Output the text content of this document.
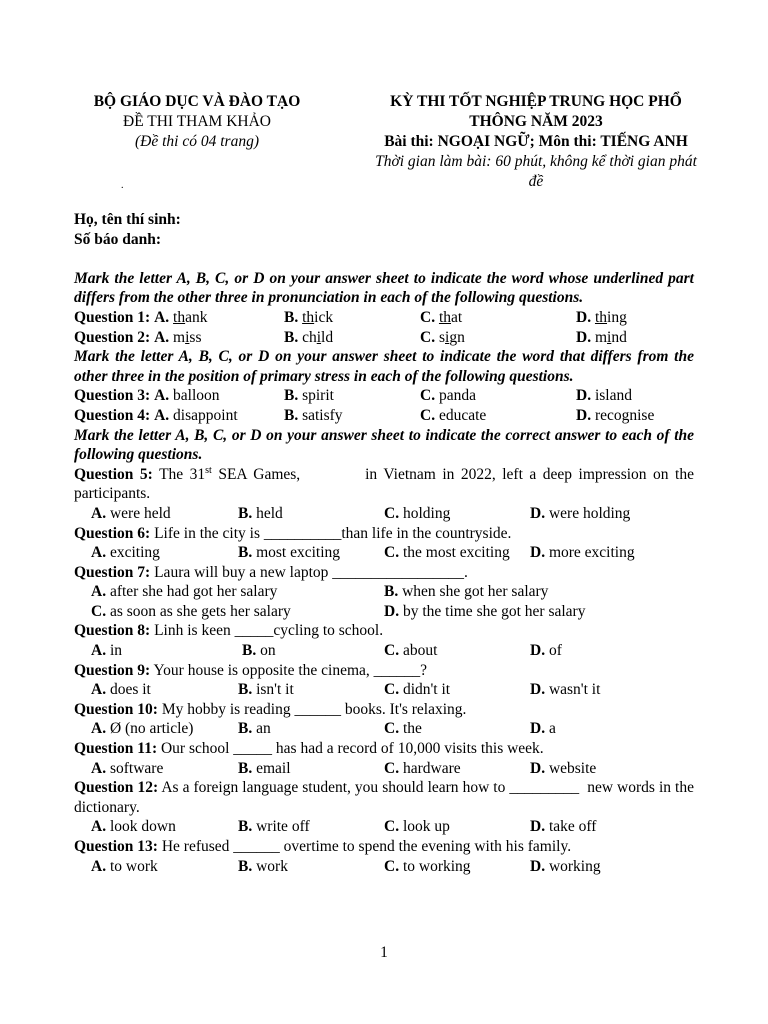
BỘ GIÁO DỤC VÀ ĐÀO TẠO
ĐỀ THI THAM KHẢO
(Đề thi có 04 trang)
KỲ THI TỐT NGHIỆP TRUNG HỌC PHỔ
THÔNG NĂM 2023
Bài thi: NGOẠI NGỮ; Môn thi: TIẾNG ANH
Thời gian làm bài: 60 phút, không kể thời gian phát
đề
.
Họ, tên thí sinh:
Số báo danh:
Mark the letter A, B, C, or D on your answer sheet to indicate the word whose underlined part differs from the other three in pronunciation in each of the following questions.
Question 1: A. thank	B. thick	C. that	D. thing
Question 2: A. miss	B. child	C. sign	D. mind
Mark the letter A, B, C, or D on your answer sheet to indicate the word that differs from the other three in the position of primary stress in each of the following questions.
Question 3: A. balloon	B. spirit	C. panda	D. island
Question 4: A. disappoint	B. satisfy	C. educate	D. recognise
Mark the letter A, B, C, or D on your answer sheet to indicate the correct answer to each of the following questions.
Question 5: The 31st SEA Games,          in Vietnam in 2022, left a deep impression on the participants.
A. were held	B. held	C. holding	D. were holding
Question 6: Life in the city is __________than life in the countryside.
A. exciting	B. most exciting	C. the most exciting D. more exciting
Question 7: Laura will buy a new laptop _________________.
A. after she had got her salary	B. when she got her salary
C. as soon as she gets her salary	D. by the time she got her salary
Question 8: Linh is keen _____cycling to school.
A. in	B. on	C. about	D. of
Question 9: Your house is opposite the cinema, ______?
A. does it	B. isn't it	C. didn't it	D. wasn't it
Question 10: My hobby is reading ______ books. It's relaxing.
A. Ø (no article)	B. an	C. the	D. a
Question 11: Our school _____ has had a record of 10,000 visits this week.
A. software	B. email	C. hardware	D. website
Question 12: As a foreign language student, you should learn how to _________  new words in the dictionary.
A. look down	B. write off	C. look up	D. take off
Question 13: He refused ______ overtime to spend the evening with his family.
A. to work	B. work	C. to working	D. working
1
